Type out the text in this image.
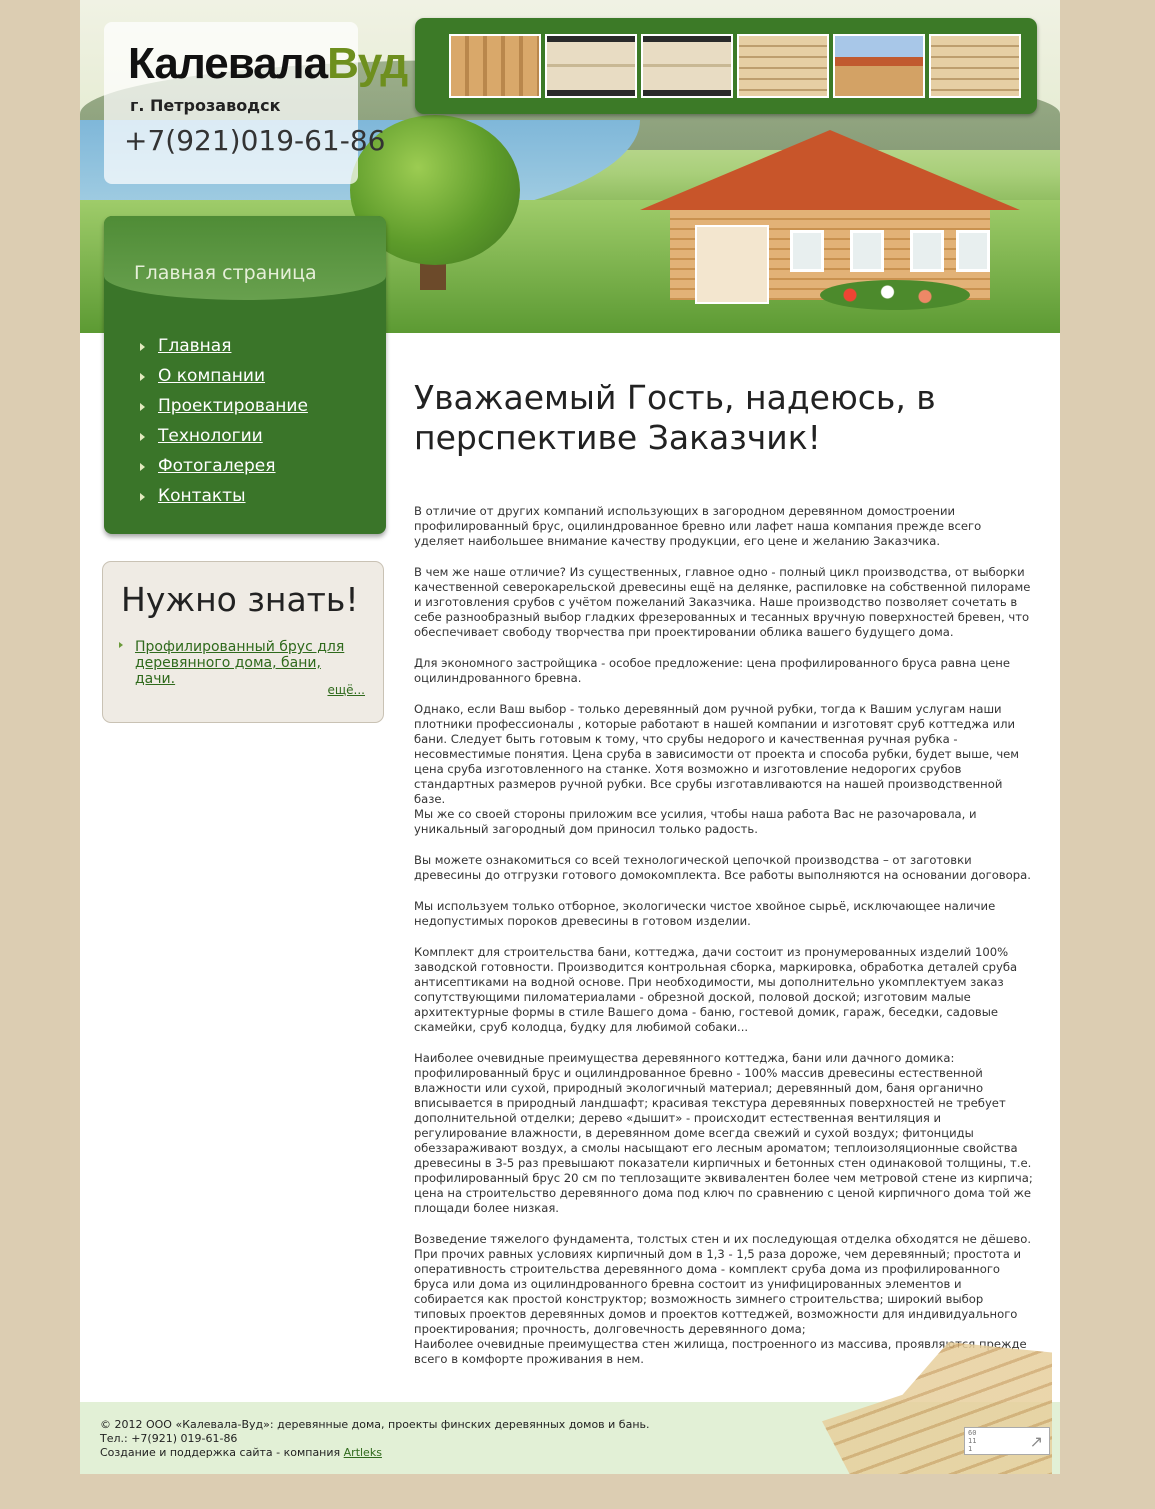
КалевалаВуд
г. Петрозаводск
+7(921)019-61-86
Главная страница
Главная
О компании
Проектирование
Технологии
Фотогалерея
Контакты
Нужно знать!
Профилированный брус для деревянного дома, бани, дачи.
ещё...
Уважаемый Гость, надеюсь, в перспективе Заказчик!

В отличие от других компаний использующих в загородном деревянном домостроении профилированный брус, оцилиндрованное бревно или лафет наша компания прежде всего уделяет наибольшее внимание качеству продукции, его цене и желанию Заказчика.

В чем же наше отличие? Из существенных, главное одно - полный цикл производства, от выборки качественной северокарельской древесины ещё на делянке, распиловке на собственной пилораме и изготовления срубов с учётом пожеланий Заказчика. Наше производство позволяет сочетать в себе разнообразный выбор гладких фрезерованных и тесанных вручную поверхностей бревен, что обеспечивает свободу творчества при проектировании облика вашего будущего дома.

Для экономного застройщика - особое предложение: цена профилированного бруса равна цене оцилиндрованного бревна.

Однако, если Ваш выбор - только деревянный дом ручной рубки, тогда к Вашим услугам наши плотники профессионалы , которые работают в нашей компании и изготовят сруб коттеджа или бани. Следует быть готовым к тому, что срубы недорого и качественная ручная рубка - несовместимые понятия. Цена сруба в зависимости от проекта и способа рубки, будет выше, чем цена сруба изготовленного на станке. Хотя возможно и изготовление недорогих срубов стандартных размеров ручной рубки. Все срубы изготавливаются на нашей производственной базе.
Мы же со своей стороны приложим все усилия, чтобы наша работа Вас не разочаровала, и уникальный загородный дом приносил только радость.

Вы можете ознакомиться со всей технологической цепочкой производства – от заготовки древесины до отгрузки готового домокомплекта. Все работы выполняются на основании договора.

Мы используем только отборное, экологически чистое хвойное сырьё, исключающее наличие недопустимых пороков древесины в готовом изделии.

Комплект для строительства бани, коттеджа, дачи состоит из пронумерованных изделий 100% заводской готовности. Производится контрольная сборка, маркировка, обработка деталей сруба антисептиками на водной основе. При необходимости, мы дополнительно укомплектуем заказ сопутствующими пиломатериалами - обрезной доской, половой доской; изготовим малые архитектурные формы в стиле Вашего дома - баню, гостевой домик, гараж, беседки, садовые скамейки, сруб колодца, будку для любимой собаки...

Наиболее очевидные преимущества деревянного коттеджа, бани или дачного домика:
профилированный брус и оцилиндрованное бревно - 100% массив древесины естественной влажности или сухой, природный экологичный материал; деревянный дом, баня органично вписывается в природный ландшафт; красивая текстура деревянных поверхностей не требует дополнительной отделки; дерево «дышит» - происходит естественная вентиляция и регулирование влажности, в деревянном доме всегда свежий и сухой воздух; фитонциды обеззараживают воздух, а смолы насыщают его лесным ароматом; теплоизоляционные свойства древесины в 3-5 раз превышают показатели кирпичных и бетонных стен одинаковой толщины, т.е. профилированный брус 20 см по теплозащите эквивалентен более чем метровой стене из кирпича;
цена на строительство деревянного дома под ключ по сравнению с ценой кирпичного дома той же площади более низкая.

Возведение тяжелого фундамента, толстых стен и их последующая отделка обходятся не дёшево. При прочих равных условиях кирпичный дом в 1,3 - 1,5 раза дороже, чем деревянный; простота и оперативность строительства деревянного дома - комплект сруба дома из профилированного бруса или дома из оцилиндрованного бревна состоит из унифицированных элементов и собирается как простой конструктор; возможность зимнего строительства; широкий выбор типовых проектов деревянных домов и проектов коттеджей, возможности для индивидуального проектирования; прочность, долговечность деревянного дома;
Наиболее очевидные преимущества стен жилища, построенного из массива, проявляются прежде всего в комфорте проживания в нем.

© 2012 ООО «Калевала-Вуд»: деревянные дома, проекты финских деревянных домов и бань.
Тел.: +7(921) 019-61-86
Создание и поддержка сайта - компания Artleks
60
11
1	↗
